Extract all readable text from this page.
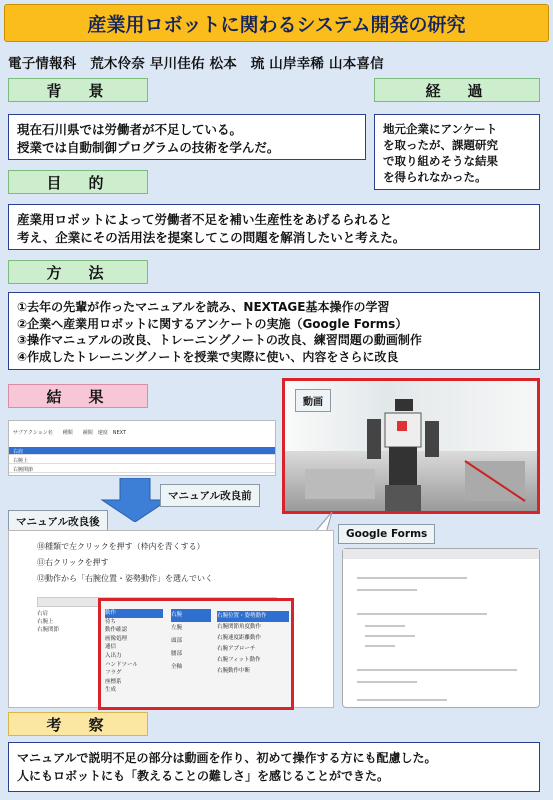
産業用ロボットに関わるシステム開発の研究
電子情報科　荒木伶奈 早川佳佑 松本　琉 山岸幸稀 山本喜信
背　景
現在石川県では労働者が不足している。
授業では自動制御プログラムの技術を学んだ。
経　過
地元企業にアンケート
を取ったが、課題研究
で取り組めそうな結果
を得られなかった。
目　的
産業用ロボットによって労働者不足を補い生産性をあげるられると
考え、企業にその活用法を提案してこの問題を解消したいと考えた。
方　法
①去年の先輩が作ったマニュアルを読み、NEXTAGE基本操作の学習
②企業へ産業用ロボットに関するアンケートの実施（Google Forms）
③操作マニュアルの改良、トレーニングノートの改良、練習問題の動画制作
④作成したトレーニングノートを授業で実際に使い、内容をさらに改良
結　果
サブアクション名　　種類　　補間　速度　NEXT
右肩
右腕上
右腕関節
マニュアル改良前
マニュアル改良後
動画
Google Forms
⑩種類で左クリックを押す（枠内を青くする）
⑪右クリックを押す
⑫動作から「右腕位置・姿勢動作」を選んでいく
右肩
右腕上
右腕関節
動作
待ち
動作確認
画像処理
通信
入出力
ハンドツール
フラグ
座標系
生成
右腕
左腕
頭部
腰部
全軸
右腕位置・姿勢動作
右腕関節角度動作
右腕速度距離動作
右腕アプローチ
右腕フィット動作
右腕動作中断
考　察
マニュアルで説明不足の部分は動画を作り、初めて操作する方にも配慮した。
人にもロボットにも「教えることの難しさ」を感じることができた。
